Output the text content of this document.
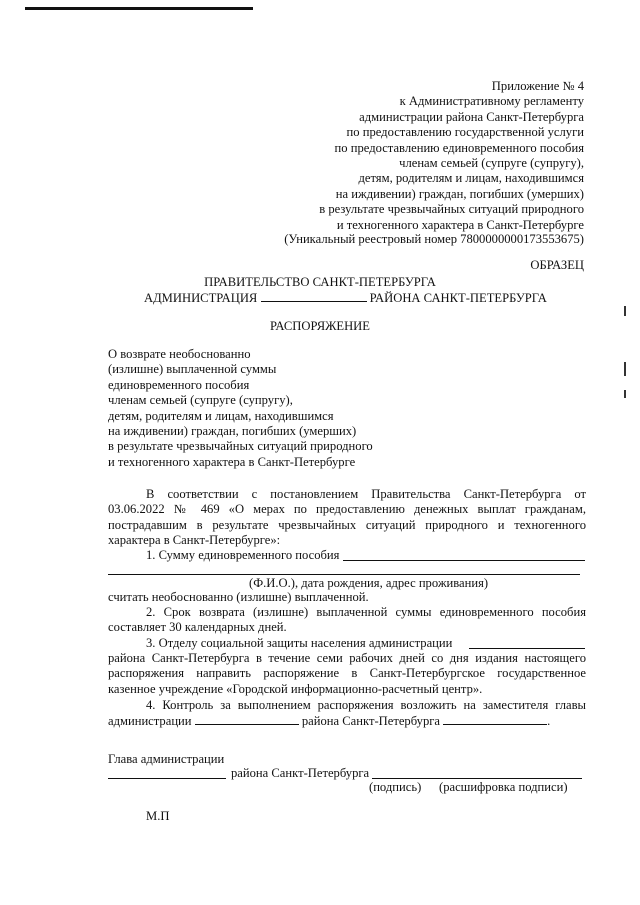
Приложение № 4
к Административному регламенту
администрации района Санкт-Петербурга
по предоставлению государственной услуги
по предоставлению единовременного пособия
членам семьей (супруге (супругу),
детям, родителям и лицам, находившимся
на иждивении) граждан, погибших (умерших)
в результате чрезвычайных ситуаций природного
и техногенного характера в Санкт-Петербурге
(Уникальный реестровый номер 7800000000173553675)
ОБРАЗЕЦ
ПРАВИТЕЛЬСТВО САНКТ-ПЕТЕРБУРГА
АДМИНИСТРАЦИЯ	РАЙОНА САНКТ-ПЕТЕРБУРГА
РАСПОРЯЖЕНИЕ
О возврате необоснованно
(излишне) выплаченной суммы
единовременного пособия
членам семьей (супруге (супругу),
детям, родителям и лицам, находившимся
на иждивении) граждан, погибших (умерших)
в результате чрезвычайных ситуаций природного
и техногенного характера в Санкт-Петербурге

В соответствии с постановлением Правительства Санкт-Петербурга от 03.06.2022 № 469 «О мерах по предоставлению денежных выплат гражданам, пострадавшим в результате чрезвычайных ситуаций природного и техногенного характера в Санкт-Петербурге»:

1. Сумму единовременного пособия
(Ф.И.О.), дата рождения, адрес проживания)
считать необоснованно (излишне) выплаченной.

2. Срок возврата (излишне) выплаченной суммы единовременного пособия составляет 30 календарных дней.

3. Отделу социальной защиты населения администрации

района Санкт-Петербурга в течение семи рабочих дней со дня издания настоящего распоряжения направить распоряжение в Санкт-Петербургское государственное казенное учреждение «Городской информационно-расчетный центр».

4. Контроль за выполнением распоряжения возложить на заместителя главы
администрации	района Санкт-Петербурга	.
Глава администрации
района Санкт-Петербурга
(подпись) (расшифровка подписи)
М.П
